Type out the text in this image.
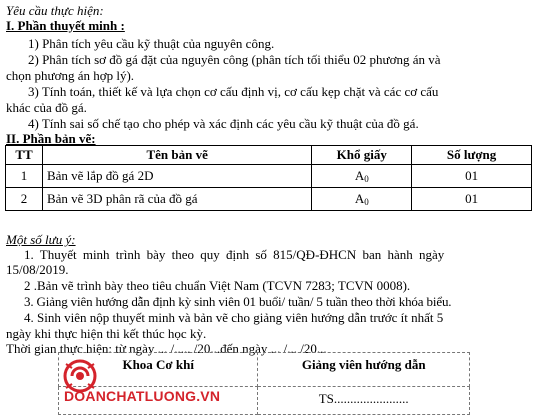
Yêu cầu thực hiện:
I. Phần thuyết minh :
1) Phân tích yêu cầu kỹ thuật của nguyên công.
2) Phân tích sơ đồ gá đặt của nguyên công (phân tích tối thiểu 02 phương án và
chọn phương án hợp lý).
3) Tính toán, thiết kế và lựa chọn cơ cấu định vị, cơ cấu kẹp chặt và các cơ cấu
khác của đồ gá.
4) Tính sai số chế tạo cho phép và xác định các yêu cầu kỹ thuật của đồ gá.
II. Phần bản vẽ:
TT	Tên bản vẽ	Khổ giấy	Số lượng
1	Bản vẽ lắp đồ gá 2D	$A_0$	01
2	Bản vẽ 3D phân rã của đồ gá	$A_0$	01
Một số lưu ý:
1. Thuyết minh trình bày theo quy định số 815/QĐ-ĐHCN ban hành ngày
15/08/2019.
2 .Bản vẽ trình bày theo tiêu chuẩn Việt Nam (TCVN 7283; TCVN 0008).
3. Giảng viên hướng dẫn định kỳ sinh viên 01 buổi/ tuần/ 5 tuần theo thời khóa biểu.
4. Sinh viên nộp thuyết minh và bản vẽ cho giảng viên hướng dẫn trước ít nhất 5
ngày khi thực hiện thi kết thúc học kỳ.
Thời gian thực hiện: từ ngày ... /..... /20...đến ngày ... /... /20...
Khoa Cơ khí	Giảng viên hướng dẫn
	TS.......................
DOANCHATLUONG.VN
